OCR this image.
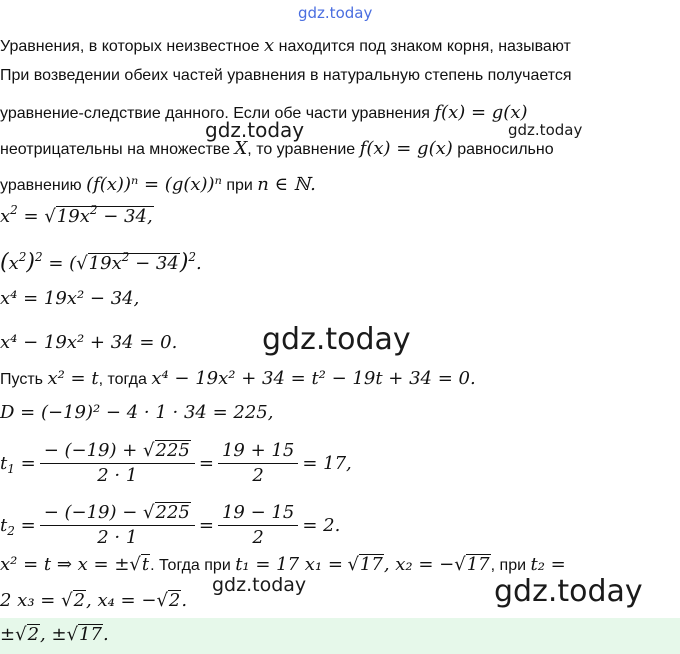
gdz.today
gdz.today	gdz.today
gdz.today
gdz.today	gdz.today
Уравнения, в которых неизвестное x находится под знаком корня, называют
При возведении обеих частей уравнения в натуральную степень получается
уравнение-следствие данного. Если обе части уравнения f(x) = g(x)
неотрицательны на множестве X, то уравнение f(x) = g(x) равносильно
уравнению (f(x))ⁿ = (g(x))ⁿ при n ∈ ℕ.
$x^2 = √19x^2 - 34$,
$(x^2)^2 = (√19x^2 - 34)^2$.
x⁴ = 19x² − 34,
x⁴ − 19x² + 34 = 0.
Пусть x² = t, тогда x⁴ − 19x² + 34 = t² − 19t + 34 = 0.
D = (−19)² − 4 · 1 · 34 = 225,
$t_1 = \frac{- (-19) + √225}{2 \cdot 1} = \frac{19 + 15}{2} = 17$,
$t_2 = \frac{- (-19) - √225}{2 \cdot 1} = \frac{19 - 15}{2} = 2$.
x² = t ⇒ x = ±√t. Тогда при t₁ = 17 x₁ = √17, x₂ = −√17, при t₂ =
2 x₃ = √2, x₄ = −√2.
±√2, ±√17.
